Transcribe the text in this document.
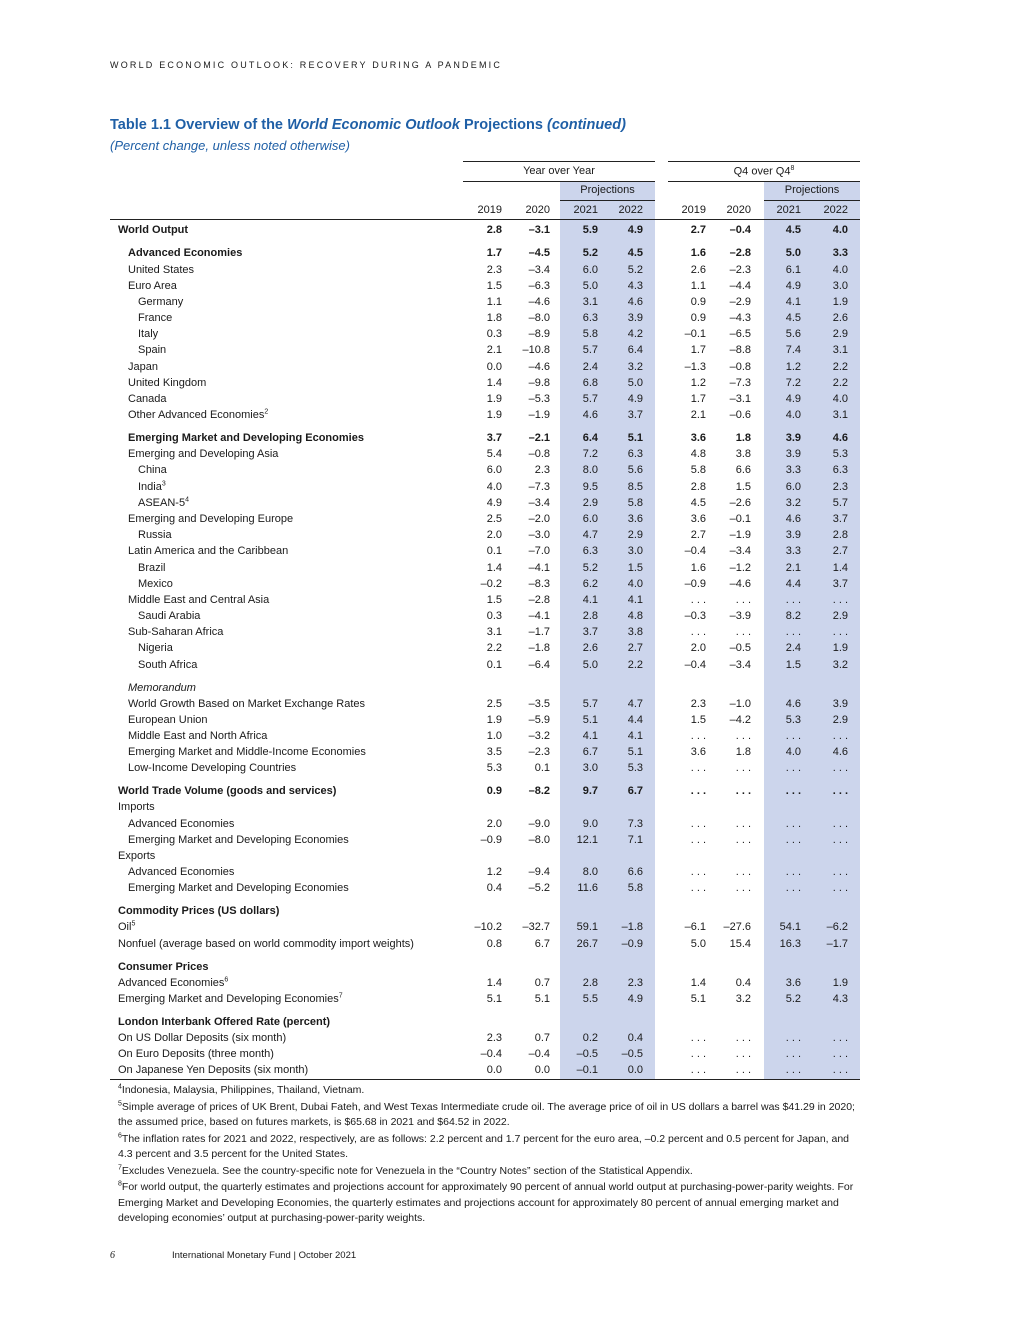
WORLD ECONOMIC OUTLOOK: RECOVERY DURING A PANDEMIC
Table 1.1 Overview of the World Economic Outlook Projections (continued)
(Percent change, unless noted otherwise)
Year over Year	Q4 over $Q4^8$
Projections	Projections
2019	2020	2021	2022	2019	2020	2021	2022
World Output	2.8	–3.1	5.9	4.9	2.7	–0.4	4.5	4.0
Advanced Economies	1.7	–4.5	5.2	4.5	1.6	–2.8	5.0	3.3
United States	2.3	–3.4	6.0	5.2	2.6	–2.3	6.1	4.0
Euro Area	1.5	–6.3	5.0	4.3	1.1	–4.4	4.9	3.0
Germany	1.1	–4.6	3.1	4.6	0.9	–2.9	4.1	1.9
France	1.8	–8.0	6.3	3.9	0.9	–4.3	4.5	2.6
Italy	0.3	–8.9	5.8	4.2	–0.1	–6.5	5.6	2.9
Spain	2.1	–10.8	5.7	6.4	1.7	–8.8	7.4	3.1
Japan	0.0	–4.6	2.4	3.2	–1.3	–0.8	1.2	2.2
United Kingdom	1.4	–9.8	6.8	5.0	1.2	–7.3	7.2	2.2
Canada	1.9	–5.3	5.7	4.9	1.7	–3.1	4.9	4.0
Other Advanced Economies$^2$	1.9	–1.9	4.6	3.7	2.1	–0.6	4.0	3.1
Emerging Market and Developing Economies	3.7	–2.1	6.4	5.1	3.6	1.8	3.9	4.6
Emerging and Developing Asia	5.4	–0.8	7.2	6.3	4.8	3.8	3.9	5.3
China	6.0	2.3	8.0	5.6	5.8	6.6	3.3	6.3
India$^3$	4.0	–7.3	9.5	8.5	2.8	1.5	6.0	2.3
ASEAN-$5^4$	4.9	–3.4	2.9	5.8	4.5	–2.6	3.2	5.7
Emerging and Developing Europe	2.5	–2.0	6.0	3.6	3.6	–0.1	4.6	3.7
Russia	2.0	–3.0	4.7	2.9	2.7	–1.9	3.9	2.8
Latin America and the Caribbean	0.1	–7.0	6.3	3.0	–0.4	–3.4	3.3	2.7
Brazil	1.4	–4.1	5.2	1.5	1.6	–1.2	2.1	1.4
Mexico	–0.2	–8.3	6.2	4.0	–0.9	–4.6	4.4	3.7
Middle East and Central Asia	1.5	–2.8	4.1	4.1	. . .	. . .	. . .	. . .
Saudi Arabia	0.3	–4.1	2.8	4.8	–0.3	–3.9	8.2	2.9
Sub-Saharan Africa	3.1	–1.7	3.7	3.8	. . .	. . .	. . .	. . .
Nigeria	2.2	–1.8	2.6	2.7	2.0	–0.5	2.4	1.9
South Africa	0.1	–6.4	5.0	2.2	–0.4	–3.4	1.5	3.2
Memorandum
World Growth Based on Market Exchange Rates	2.5	–3.5	5.7	4.7	2.3	–1.0	4.6	3.9
European Union	1.9	–5.9	5.1	4.4	1.5	–4.2	5.3	2.9
Middle East and North Africa	1.0	–3.2	4.1	4.1	. . .	. . .	. . .	. . .
Emerging Market and Middle-Income Economies	3.5	–2.3	6.7	5.1	3.6	1.8	4.0	4.6
Low-Income Developing Countries	5.3	0.1	3.0	5.3	. . .	. . .	. . .	. . .
World Trade Volume (goods and services)	0.9	–8.2	9.7	6.7	. . .	. . .	. . .	. . .
Imports
Advanced Economies	2.0	–9.0	9.0	7.3	. . .	. . .	. . .	. . .
Emerging Market and Developing Economies	–0.9	–8.0	12.1	7.1	. . .	. . .	. . .	. . .
Exports
Advanced Economies	1.2	–9.4	8.0	6.6	. . .	. . .	. . .	. . .
Emerging Market and Developing Economies	0.4	–5.2	11.6	5.8	. . .	. . .	. . .	. . .
Commodity Prices (US dollars)
Oil$^5$	–10.2	–32.7	59.1	–1.8	–6.1	–27.6	54.1	–6.2
Nonfuel (average based on world commodity import weights)	0.8	6.7	26.7	–0.9	5.0	15.4	16.3	–1.7
Consumer Prices
Advanced Economies$^6$	1.4	0.7	2.8	2.3	1.4	0.4	3.6	1.9
Emerging Market and Developing Economies$^7$	5.1	5.1	5.5	4.9	5.1	3.2	5.2	4.3
London Interbank Offered Rate (percent)
On US Dollar Deposits (six month)	2.3	0.7	0.2	0.4	. . .	. . .	. . .	. . .
On Euro Deposits (three month)	–0.4	–0.4	–0.5	–0.5	. . .	. . .	. . .	. . .
On Japanese Yen Deposits (six month)	0.0	0.0	–0.1	0.0	. . .	. . .	. . .	. . .

$^4$Indonesia, Malaysia, Philippines, Thailand, Vietnam.

$^5$Simple average of prices of UK Brent, Dubai Fateh, and West Texas Intermediate crude oil. The average price of oil in US dollars a barrel was $41.29 in 2020; the assumed price, based on futures markets, is $65.68 in 2021 and $64.52 in 2022.

$^6$The inflation rates for 2021 and 2022, respectively, are as follows: 2.2 percent and 1.7 percent for the euro area, –0.2 percent and 0.5 percent for Japan, and 4.3 percent and 3.5 percent for the United States.

$^7$Excludes Venezuela. See the country-specific note for Venezuela in the “Country Notes” section of the Statistical Appendix.

$^8$For world output, the quarterly estimates and projections account for approximately 90 percent of annual world output at purchasing-power-parity weights. For Emerging Market and Developing Economies, the quarterly estimates and projections account for approximately 80 percent of annual emerging market and developing economies’ output at purchasing-power-parity weights.

6	International Monetary Fund | October 2021
